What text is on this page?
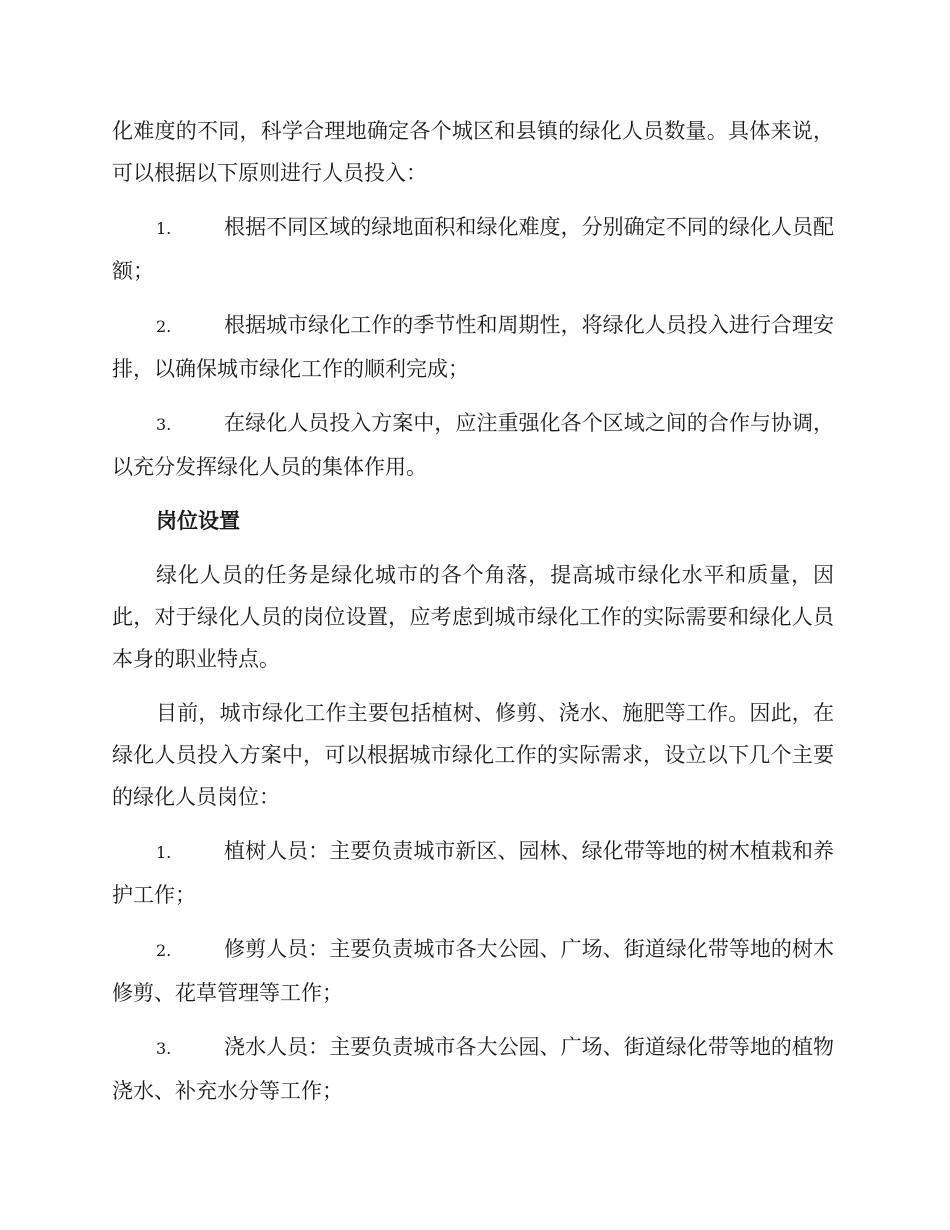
化难度的不同，科学合理地确定各个城区和县镇的绿化人员数量。具体来说，可以根据以下原则进行人员投入：

1.	根据不同区域的绿地面积和绿化难度，分别确定不同的绿化人员配额；
2.	根据城市绿化工作的季节性和周期性，将绿化人员投入进行合理安排，以确保城市绿化工作的顺利完成；
3.	在绿化人员投入方案中，应注重强化各个区域之间的合作与协调，以充分发挥绿化人员的集体作用。
岗位设置

绿化人员的任务是绿化城市的各个角落，提高城市绿化水平和质量，因此，对于绿化人员的岗位设置，应考虑到城市绿化工作的实际需要和绿化人员本身的职业特点。

目前，城市绿化工作主要包括植树、修剪、浇水、施肥等工作。因此，在绿化人员投入方案中，可以根据城市绿化工作的实际需求，设立以下几个主要的绿化人员岗位：

1.	植树人员：主要负责城市新区、园林、绿化带等地的树木植栽和养护工作；
2.	修剪人员：主要负责城市各大公园、广场、街道绿化带等地的树木修剪、花草管理等工作；
3.	浇水人员：主要负责城市各大公园、广场、街道绿化带等地的植物浇水、补充水分等工作；
